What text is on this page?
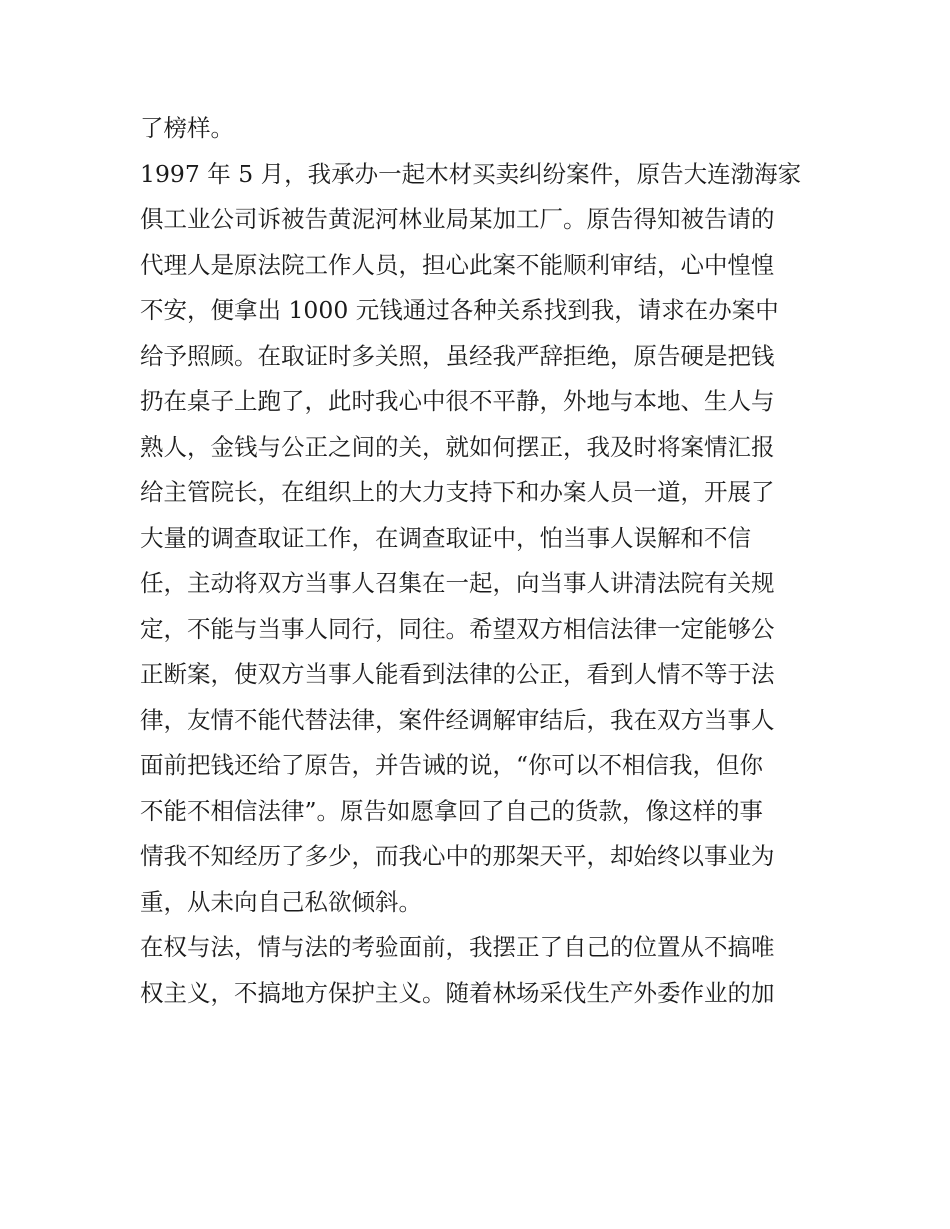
了榜样。
1997 年 5 月，我承办一起木材买卖纠纷案件，原告大连渤海家
俱工业公司诉被告黄泥河林业局某加工厂。原告得知被告请的
代理人是原法院工作人员，担心此案不能顺利审结，心中惶惶
不安，便拿出 1000 元钱通过各种关系找到我，请求在办案中
给予照顾。在取证时多关照，虽经我严辞拒绝，原告硬是把钱
扔在桌子上跑了，此时我心中很不平静，外地与本地、生人与
熟人，金钱与公正之间的关，就如何摆正，我及时将案情汇报
给主管院长，在组织上的大力支持下和办案人员一道，开展了
大量的调查取证工作，在调查取证中，怕当事人误解和不信
任，主动将双方当事人召集在一起，向当事人讲清法院有关规
定，不能与当事人同行，同往。希望双方相信法律一定能够公
正断案，使双方当事人能看到法律的公正，看到人情不等于法
律，友情不能代替法律，案件经调解审结后，我在双方当事人
面前把钱还给了原告，并告诫的说，“你可以不相信我，但你
不能不相信法律”。原告如愿拿回了自己的货款，像这样的事
情我不知经历了多少，而我心中的那架天平，却始终以事业为
重，从未向自己私欲倾斜。
在权与法，情与法的考验面前，我摆正了自己的位置从不搞唯
权主义，不搞地方保护主义。随着林场采伐生产外委作业的加
